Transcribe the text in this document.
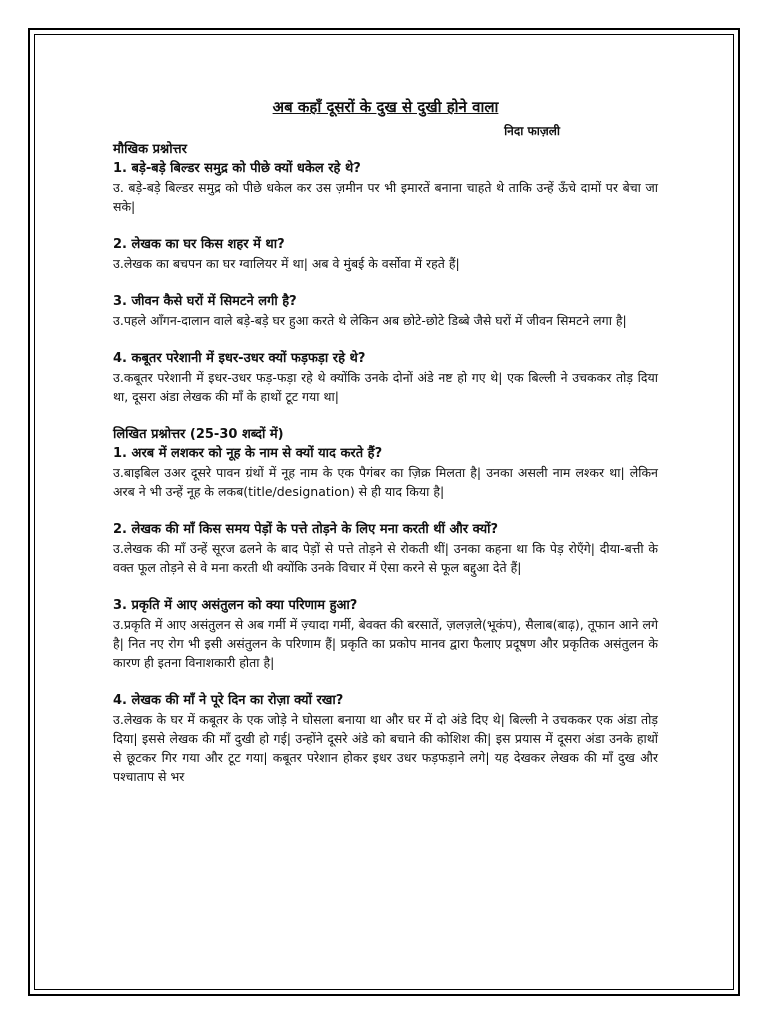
अब कहाँ दूसरों के दुख से दुखी होने वाला
निदा फाज़ली
मौखिक प्रश्नोत्तर

1. बड़े-बड़े बिल्डर समुद्र को पीछे क्यों धकेल रहे थे?

उ. बड़े-बड़े बिल्डर समुद्र को पीछे धकेल कर उस ज़मीन पर भी इमारतें बनाना चाहते थे ताकि उन्हें ऊँचे दामों पर बेचा जा सके|

2. लेखक का घर किस शहर में था?

उ.लेखक का बचपन का घर ग्वालियर में था| अब वे मुंबई के वर्सोवा में रहते हैं|

3. जीवन कैसे घरों में सिमटने लगी है?

उ.पहले आँगन-दालान वाले बड़े-बड़े घर हुआ करते थे लेकिन अब छोटे-छोटे डिब्बे जैसे घरों में जीवन सिमटने लगा है|

4. कबूतर परेशानी में इधर-उधर क्यों फड़फड़ा रहे थे?

उ.कबूतर परेशानी में इधर-उधर फड़-फड़ा रहे थे क्योंकि उनके दोनों अंडे नष्ट हो गए थे| एक बिल्ली ने उचककर तोड़ दिया था, दूसरा अंडा लेखक की माँ के हाथों टूट गया था|

लिखित प्रश्नोत्तर (25-30 शब्दों में)

1. अरब में लशकर को नूह के नाम से क्यों याद करते हैं?

उ.बाइबिल उअर दूसरे पावन ग्रंथों में नूह नाम के एक पैगंबर का ज़िक्र मिलता है| उनका असली नाम लश्कर था| लेकिन अरब ने भी उन्हें नूह के लकब(title/designation) से ही याद किया है|

2. लेखक की माँ किस समय पेड़ों के पत्ते तोड़ने के लिए मना करती थीं और क्यों?

उ.लेखक की माँ उन्हें सूरज ढलने के बाद पेड़ों से पत्ते तोड़ने से रोकती थीं| उनका कहना था कि पेड़ रोएँगे| दीया-बत्ती के वक्त फूल तोड़ने से वे मना करती थी क्योंकि उनके विचार में ऐसा करने से फूल बद्दुआ देते हैं|

3. प्रकृति में आए असंतुलन को क्या परिणाम हुआ?

उ.प्रकृति में आए असंतुलन से अब गर्मी में ज़्यादा गर्मी, बेवक्त की बरसातें, ज़लज़ले(भूकंप), सैलाब(बाढ़), तूफान आने लगे है| नित नए रोग भी इसी असंतुलन के परिणाम हैं| प्रकृति का प्रकोप मानव द्वारा फैलाए प्रदूषण और प्रकृतिक असंतुलन के कारण ही इतना विनाशकारी होता है|

4. लेखक की माँ ने पूरे दिन का रोज़ा क्यों रखा?

उ.लेखक के घर में कबूतर के एक जोड़े ने घोसला बनाया था और घर में दो अंडे दिए थे| बिल्ली ने उचककर एक अंडा तोड़ दिया| इससे लेखक की माँ दुखी हो गई| उन्होंने दूसरे अंडे को बचाने की कोशिश की| इस प्रयास में दूसरा अंडा उनके हाथों से छूटकर गिर गया और टूट गया| कबूतर परेशान होकर इधर उधर फड़फड़ाने लगे| यह देखकर लेखक की माँ दुख और पश्चाताप से भर
